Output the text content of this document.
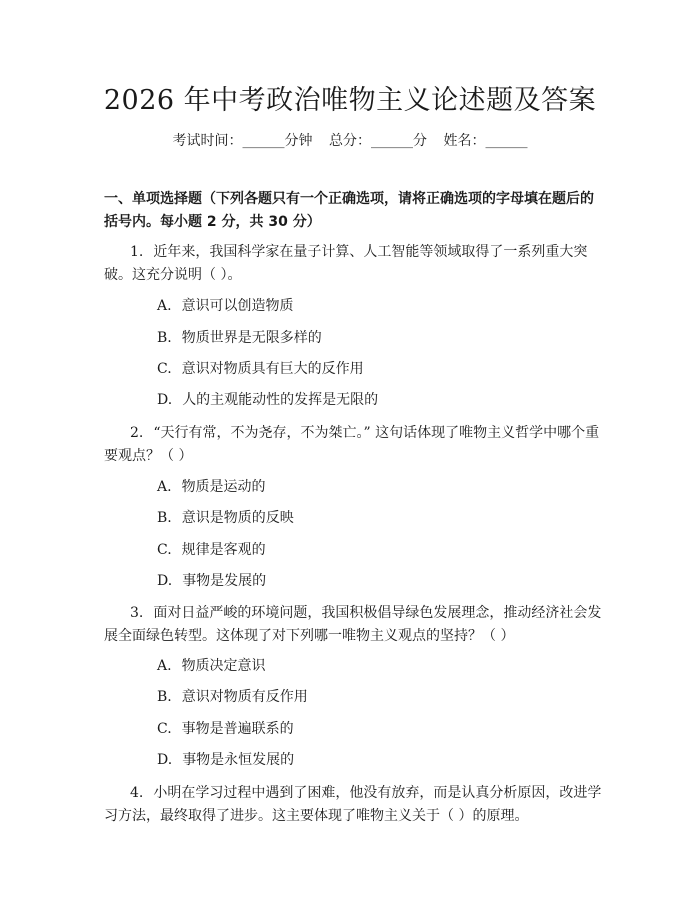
2026 年中考政治唯物主义论述题及答案
考试时间：______分钟 总分：______分 姓名：______
一、单项选择题（下列各题只有一个正确选项，请将正确选项的字母填在题后的括号内。每小题 2 分，共 30 分）
1. 近年来，我国科学家在量子计算、人工智能等领域取得了一系列重大突破。这充分说明（ ）。
A. 意识可以创造物质
B. 物质世界是无限多样的
C. 意识对物质具有巨大的反作用
D. 人的主观能动性的发挥是无限的
2. “天行有常，不为尧存，不为桀亡。” 这句话体现了唯物主义哲学中哪个重要观点？（ ）
A. 物质是运动的
B. 意识是物质的反映
C. 规律是客观的
D. 事物是发展的
3. 面对日益严峻的环境问题，我国积极倡导绿色发展理念，推动经济社会发展全面绿色转型。这体现了对下列哪一唯物主义观点的坚持？（ ）
A. 物质决定意识
B. 意识对物质有反作用
C. 事物是普遍联系的
D. 事物是永恒发展的
4. 小明在学习过程中遇到了困难，他没有放弃，而是认真分析原因，改进学习方法，最终取得了进步。这主要体现了唯物主义关于（ ）的原理。
